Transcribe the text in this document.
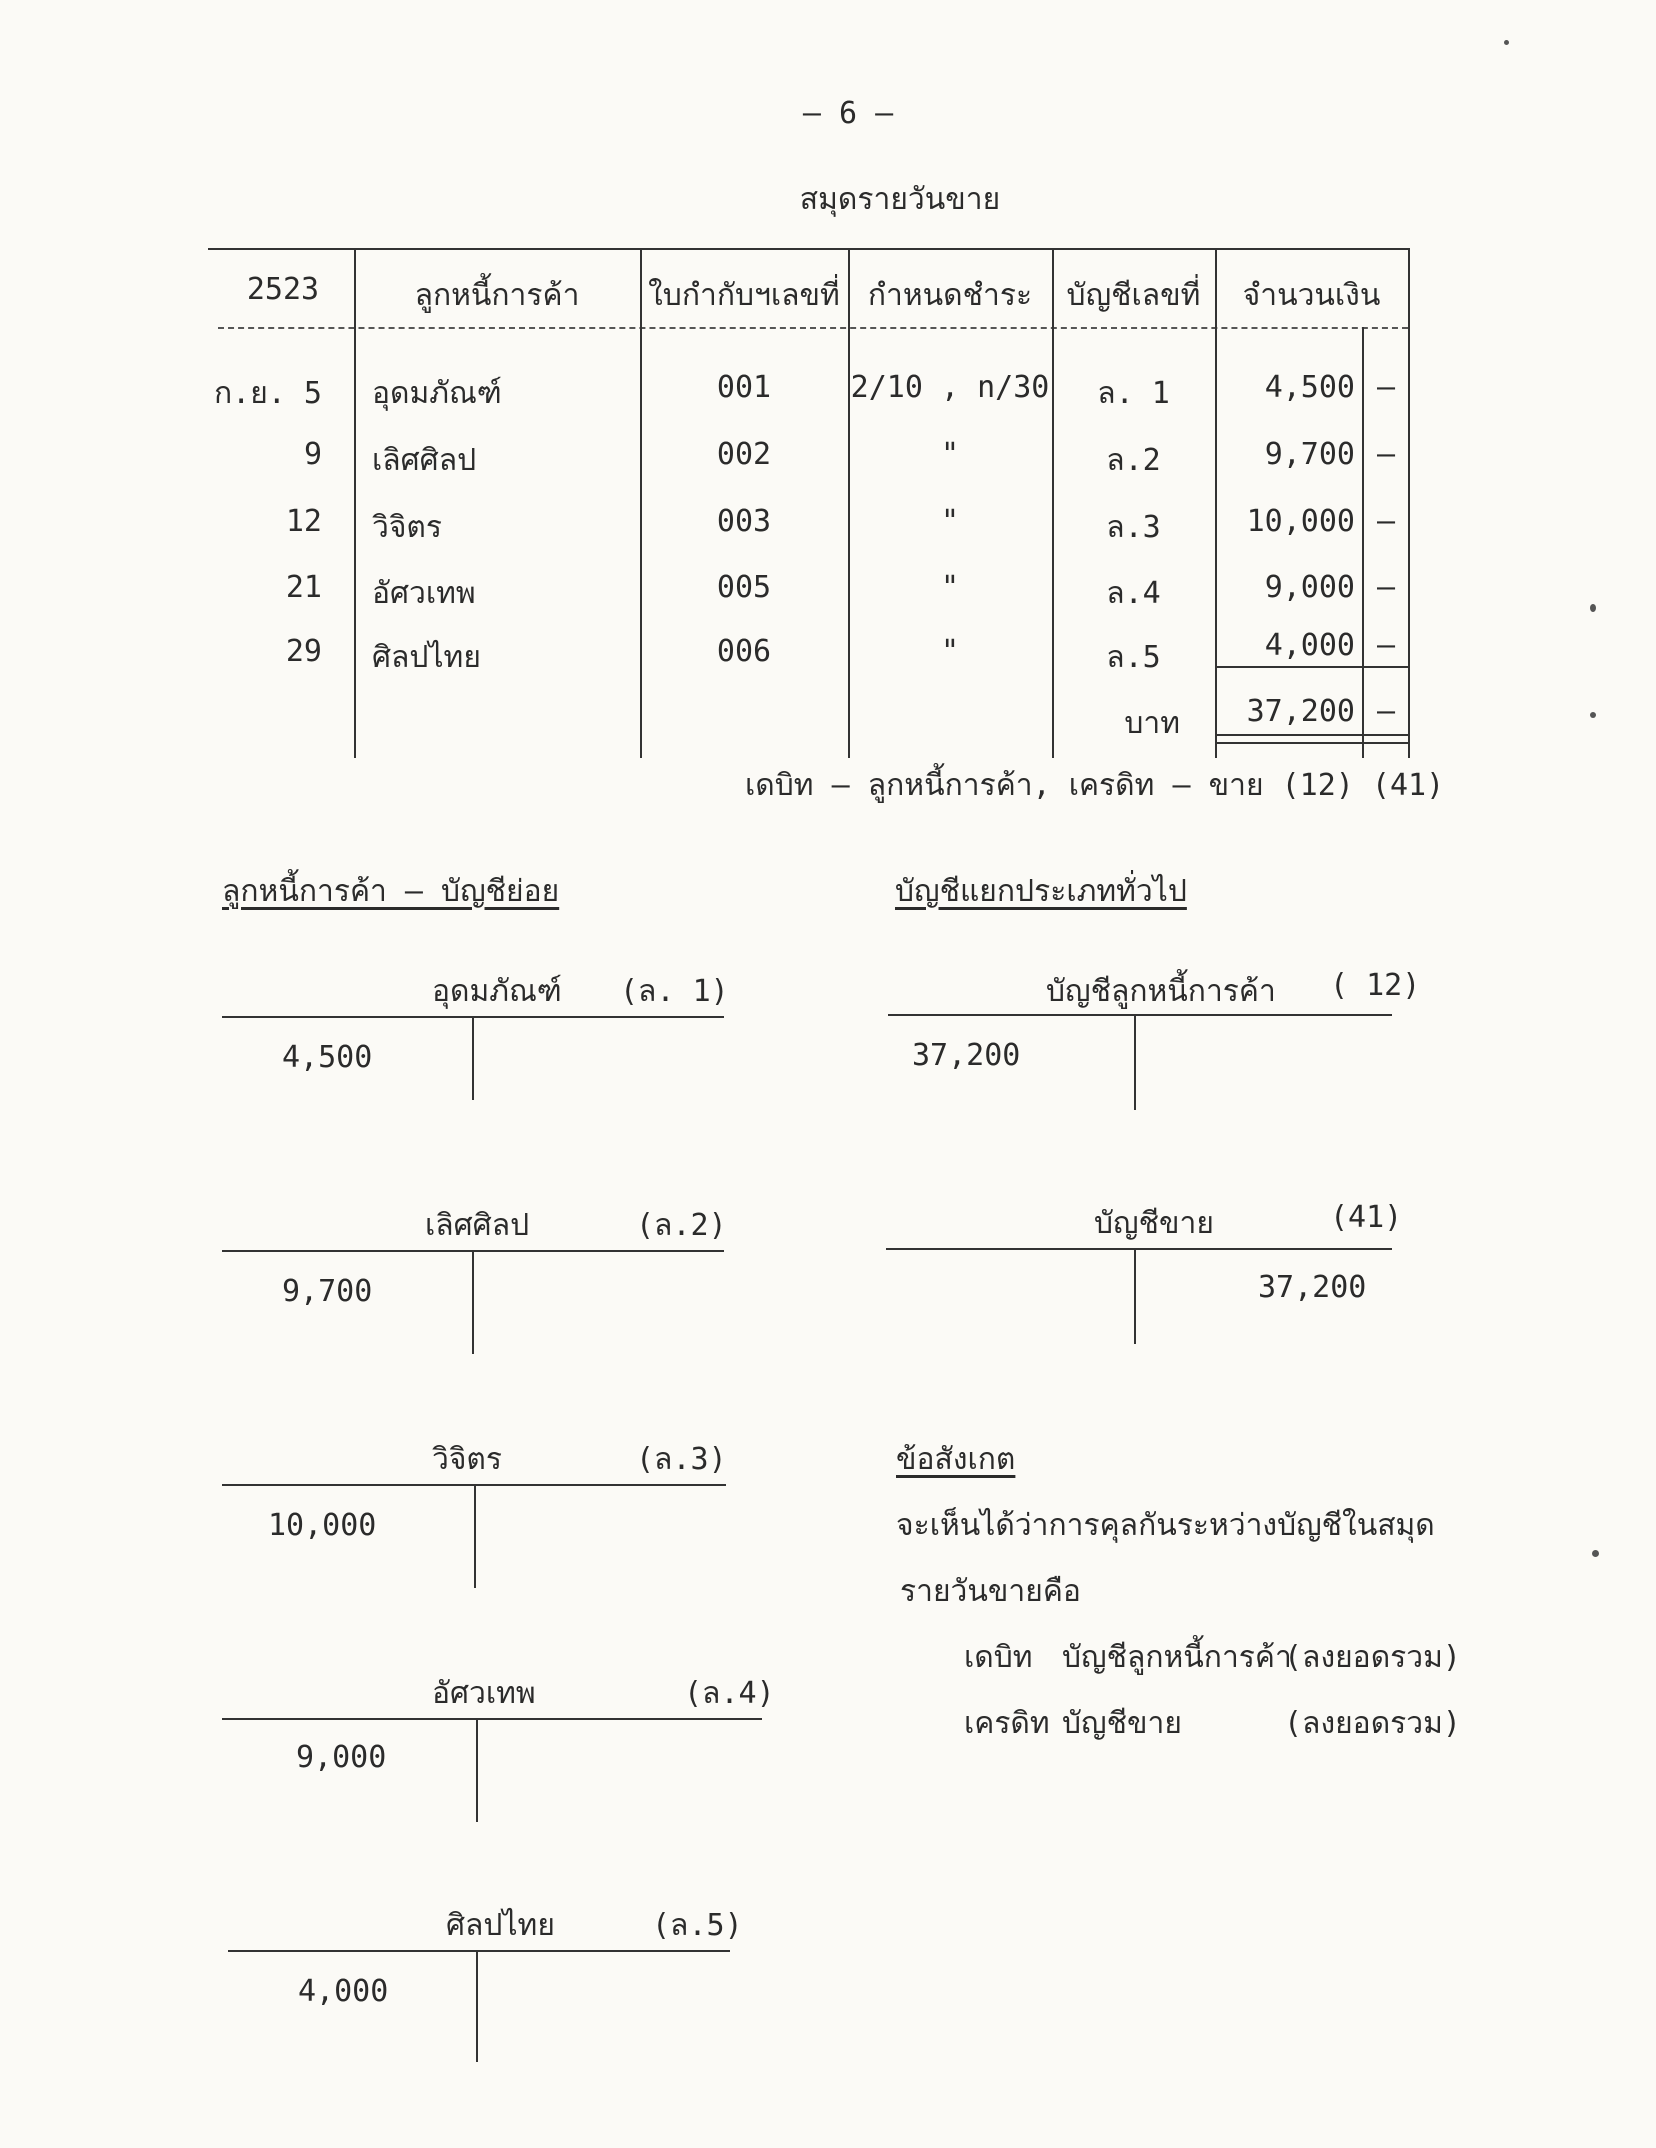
– 6 –
สมุดรายวันขาย
2523	ลูกหนี้การค้า	ใบกำกับฯเลขที่ กำหนดชำระ	บัญชีเลขที่	จำนวนเงิน
ก.ย. 5 อุดมภัณฑ์	001	2/10 , n/30	ล. 1	4,500 –
9 เลิศศิลป	002	"	ล.2	9,700 –
12 วิจิตร	003	"	ล.3	10,000 –
21 อัศวเทพ	005	"	ล.4	9,000 –
29 ศิลปไทย	006	"	ล.5	4,000 –
บาท	37,200 –
เดบิท – ลูกหนี้การค้า, เครดิท – ขาย (12) (41)
ลูกหนี้การค้า – บัญชีย่อย	บัญชีแยกประเภททั่วไป
อุดมภัณฑ์ (ล. 1)
4,500
เลิศศิลป	(ล.2)
9,700
วิจิตร	(ล.3)
10,000
อัศวเทพ	(ล.4)
9,000
ศิลปไทย	(ล.5)
4,000
บัญชีลูกหนี้การค้า ( 12)
37,200
บัญชีขาย	(41)
37,200
ข้อสังเกต
จะเห็นได้ว่าการคุลกันระหว่างบัญชีในสมุด
รายวันขายคือ
เดบิท บัญชีลูกหนี้การค้า
(ลงยอดรวม)
เครดิท บัญชีขาย	(ลงยอดรวม)
